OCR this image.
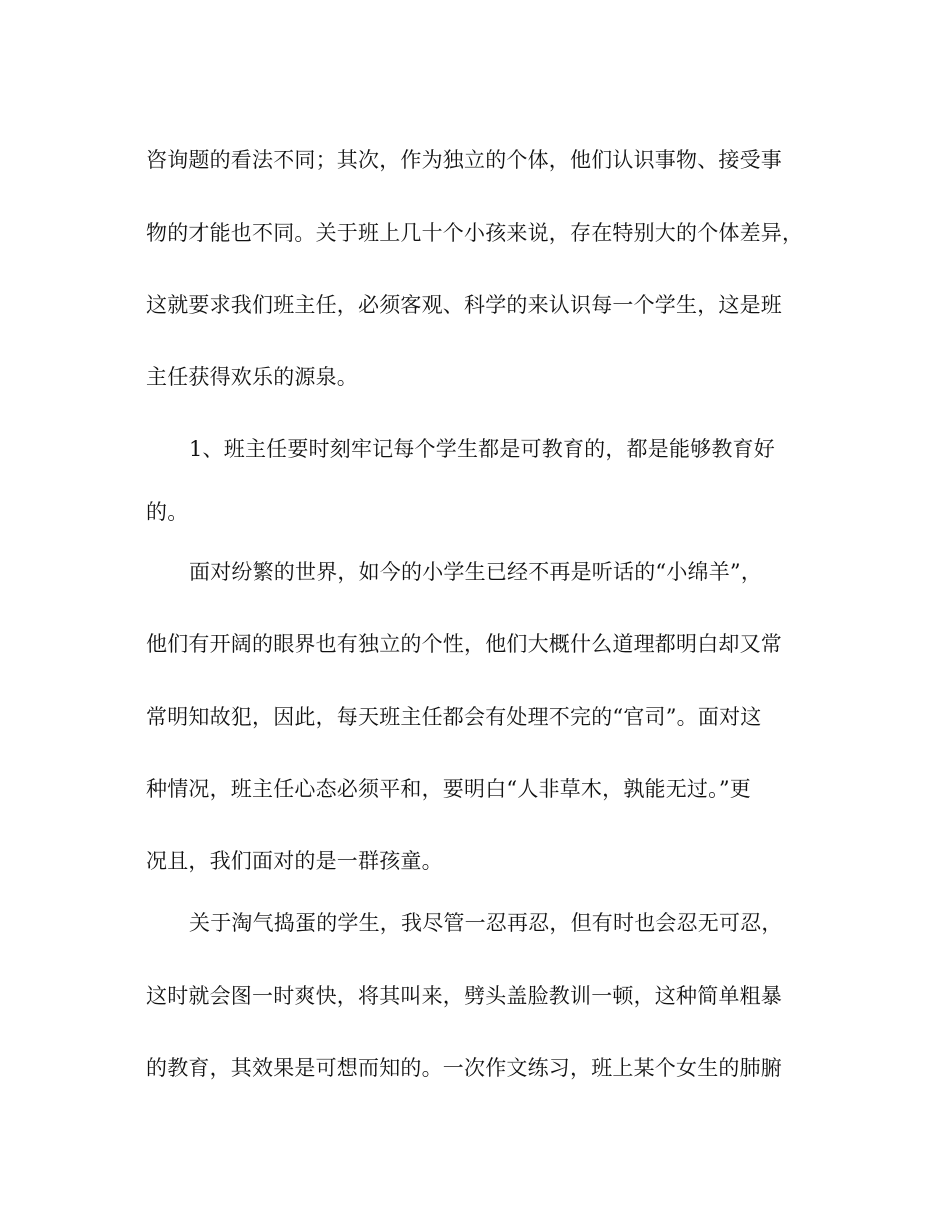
咨询题的看法不同；其次，作为独立的个体，他们认识事物、接受事
物的才能也不同。关于班上几十个小孩来说，存在特别大的个体差异，
这就要求我们班主任，必须客观、科学的来认识每一个学生，这是班
主任获得欢乐的源泉。
1、班主任要时刻牢记每个学生都是可教育的，都是能够教育好
的。
面对纷繁的世界，如今的小学生已经不再是听话的“小绵羊”，
他们有开阔的眼界也有独立的个性，他们大概什么道理都明白却又常
常明知故犯，因此，每天班主任都会有处理不完的“官司”。面对这
种情况，班主任心态必须平和，要明白“人非草木，孰能无过。”更
况且，我们面对的是一群孩童。
关于淘气捣蛋的学生，我尽管一忍再忍，但有时也会忍无可忍，
这时就会图一时爽快，将其叫来，劈头盖脸教训一顿，这种简单粗暴
的教育，其效果是可想而知的。一次作文练习，班上某个女生的肺腑
